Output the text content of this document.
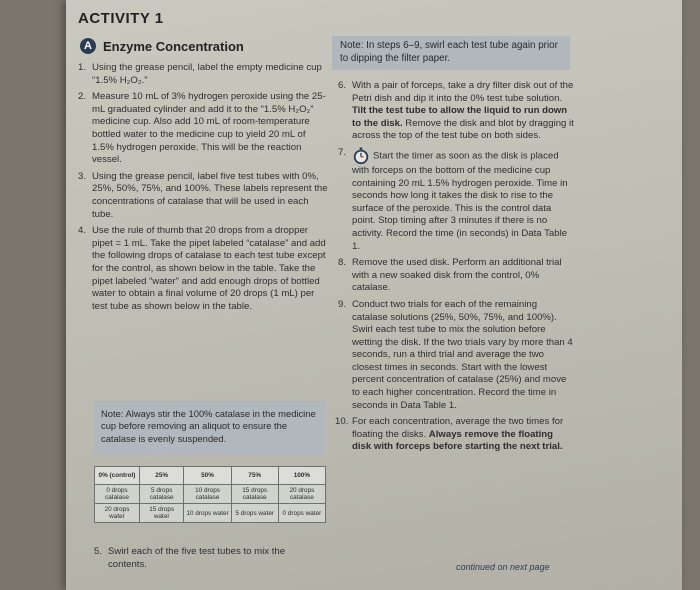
ACTIVITY 1
A Enzyme Concentration	Note: In steps 6–9, swirl each test tube again prior to dipping the filter paper.
1. Using the grease pencil, label the empty medicine cup “1.5% H₂O₂.”
2. Measure 10 mL of 3% hydrogen peroxide using the 25-mL graduated cylinder and add it to the “1.5% H₂O₂” medicine cup. Also add 10 mL of room-temperature bottled water to the medicine cup to yield 20 mL of 1.5% hydrogen peroxide. This will be the reaction vessel.
3. Using the grease pencil, label five test tubes with 0%, 25%, 50%, 75%, and 100%. These labels represent the concentrations of catalase that will be used in each tube.
4. Use the rule of thumb that 20 drops from a dropper pipet = 1 mL. Take the pipet labeled “catalase” and add the following drops of catalase to each test tube except for the control, as shown below in the table. Take the pipet labeled “water” and add enough drops of bottled water to obtain a final volume of 20 drops (1 mL) per test tube as shown below in the table.
Note: Always stir the 100% catalase in the medicine cup before removing an aliquot to ensure the catalase is evenly suspended.
0% (control)	25%	50%	75%	100%
0 drops catalase	5 drops catalase	10 drops catalase	15 drops catalase	20 drops catalase
20 drops water	15 drops water	10 drops water	5 drops water	0 drops water
5. Swirl each of the five test tubes to mix the contents.
6. With a pair of forceps, take a dry filter disk out of the Petri dish and dip it into the 0% test tube solution. Tilt the test tube to allow the liquid to run down to the disk. Remove the disk and blot by dragging it across the top of the test tube on both sides.
7.	Start the timer as soon as the disk is placed with forceps on the bottom of the medicine cup containing 20 mL 1.5% hydrogen peroxide. Time in seconds how long it takes the disk to rise to the surface of the peroxide. This is the control data point. Stop timing after 3 minutes if there is no activity. Record the time (in seconds) in Data Table 1.
8. Remove the used disk. Perform an additional trial with a new soaked disk from the control, 0% catalase.
9. Conduct two trials for each of the remaining catalase solutions (25%, 50%, 75%, and 100%). Swirl each test tube to mix the solution before wetting the disk. If the two trials vary by more than 4 seconds, run a third trial and average the two closest times in seconds. Start with the lowest percent concentration of catalase (25%) and move to each higher concentration. Record the time in seconds in Data Table 1.
10. For each concentration, average the two times for floating the disks. Always remove the floating disk with forceps before starting the next trial.
continued on next page
